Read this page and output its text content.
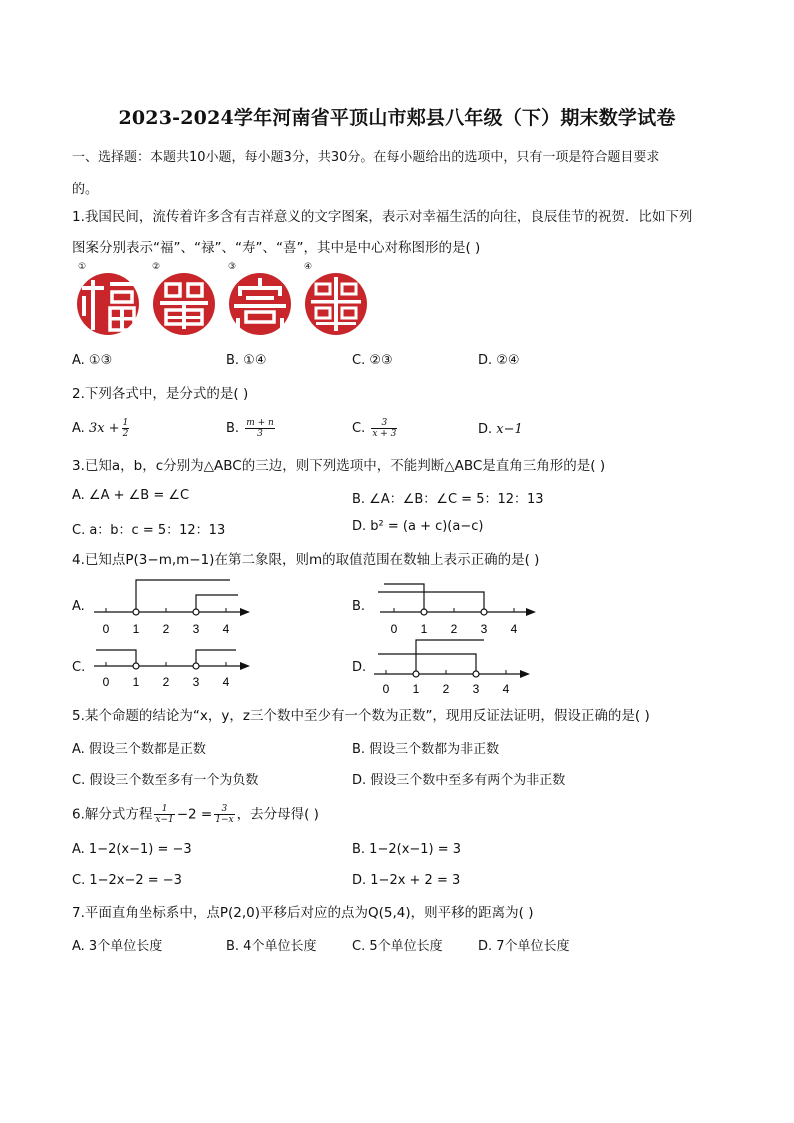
2023-2024学年河南省平顶山市郏县八年级（下）期末数学试卷
一、选择题：本题共10小题，每小题3分，共30分。在每小题给出的选项中，只有一项是符合题目要求
的。
1.我国民间，流传着许多含有吉祥意义的文字图案，表示对幸福生活的向往，良辰佳节的祝贺．比如下列
图案分别表示“福”、“禄”、“寿”、“喜”，其中是中心对称图形的是( )
①	②	③	④
A. ①③	B. ①④	C. ②③	D. ②④
2.下列各式中，是分式的是( )
A. $3x + \frac{1}{2}$	B. $\frac{m + n}{3}$	C. $\frac{3}{x + 3}$	D. x−1
3.已知a，b，c分别为△ABC的三边，则下列选项中，不能判断△ABC是直角三角形的是( )
A. ∠A + ∠B = ∠C	B. ∠A：∠B：∠C = 5：12：13
C. a：b：c = 5：12：13	D. b² = (a + c)(a−c)
4.已知点P(3−m,m−1)在第二象限，则m的取值范围在数轴上表示正确的是( )
A.
0 1 2 3 4
B.
0 1 2 3 4
C.
0 1 2 3 4
D.
0 1 2 3 4
5.某个命题的结论为“x，y，z三个数中至少有一个数为正数”，现用反证法证明，假设正确的是( )
A. 假设三个数都是正数	B. 假设三个数都为非正数
C. 假设三个数至多有一个为负数	D. 假设三个数中至多有两个为非正数
6.解分式方程 $\frac{1}{x-1} -2 = \frac{3}{1-x}$ ，去分母得( )
A. 1−2(x−1) = −3	B. 1−2(x−1) = 3
C. 1−2x−2 = −3	D. 1−2x + 2 = 3
7.平面直角坐标系中，点P(2,0)平移后对应的点为Q(5,4)，则平移的距离为( )
A. 3个单位长度	B. 4个单位长度	C. 5个单位长度	D. 7个单位长度
